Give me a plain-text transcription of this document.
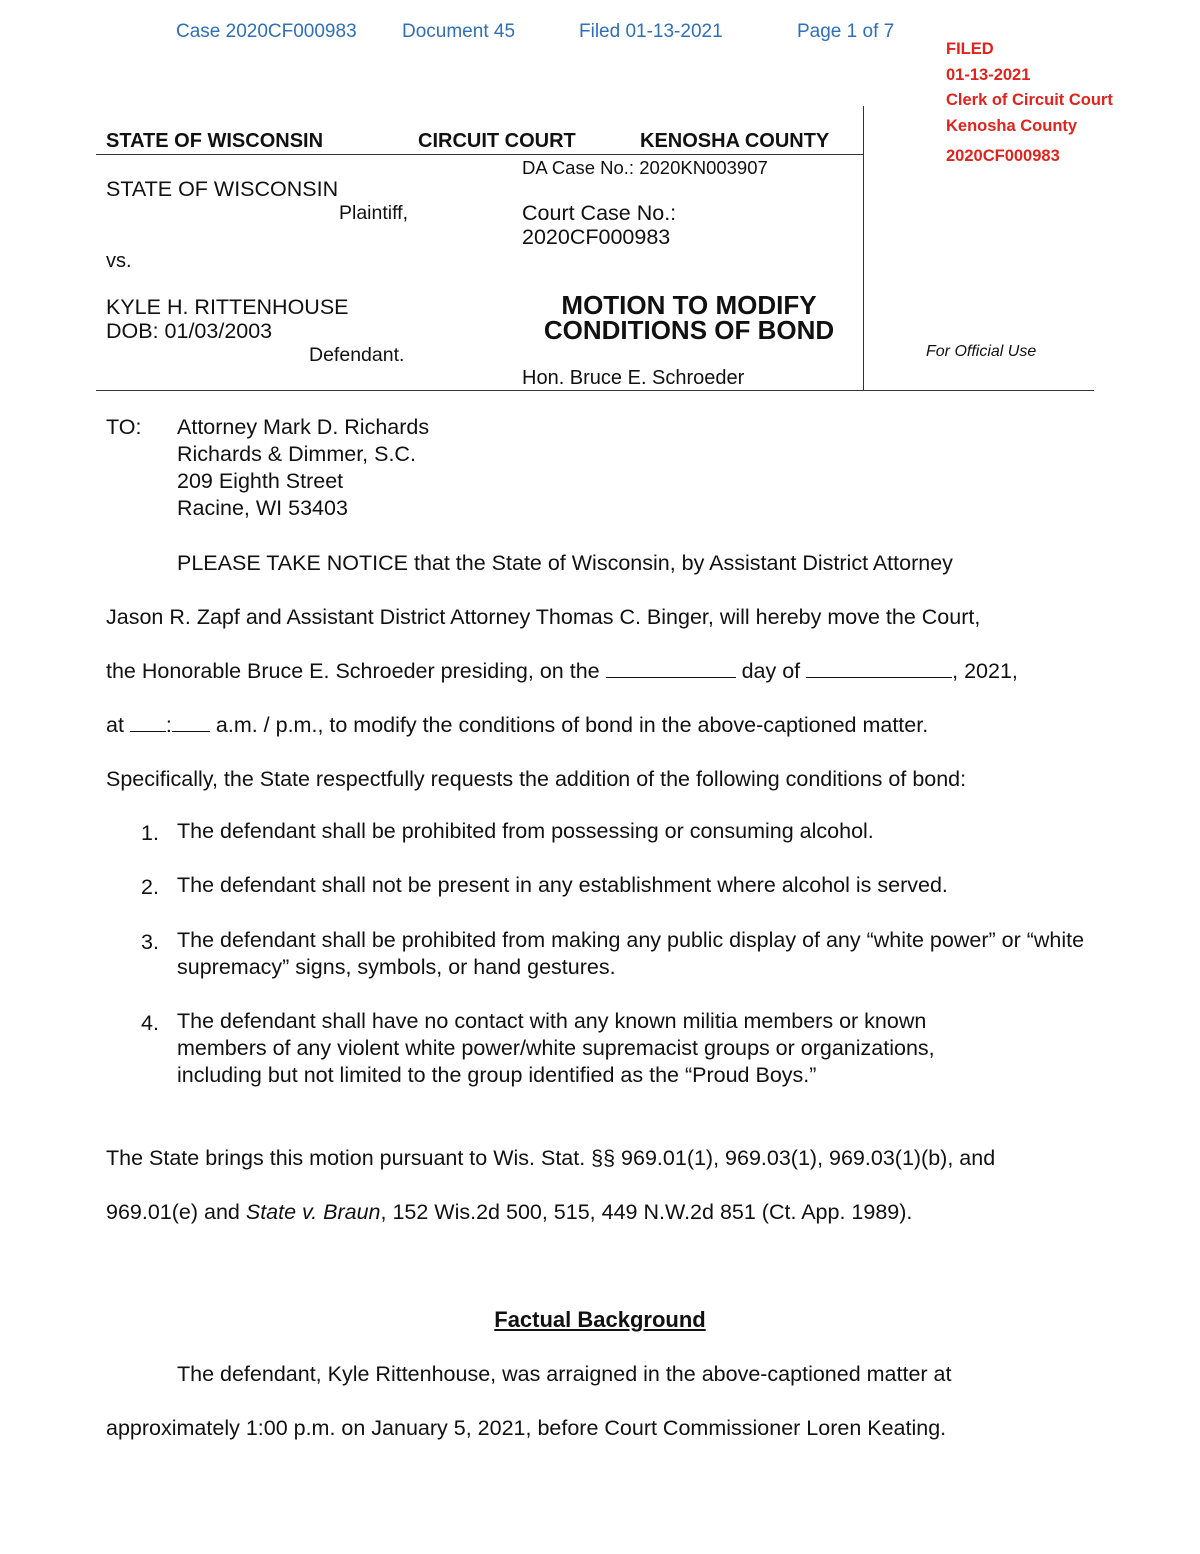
Case 2020CF000983 Document 45	Filed 01-13-2021	Page 1 of 7
FILED
01-13-2021
Clerk of Circuit Court
Kenosha County
2020CF000983
STATE OF WISCONSIN	CIRCUIT COURT	KENOSHA COUNTY
DA Case No.: 2020KN003907
STATE OF WISCONSIN
Plaintiff,	Court Case No.:
2020CF000983
vs.
KYLE H. RITTENHOUSE
DOB: 01/03/2003
Defendant.
MOTION TO MODIFY
CONDITIONS OF BOND
Hon. Bruce E. Schroeder
For Official Use
TO: Attorney Mark D. Richards
Richards & Dimmer, S.C.
209 Eighth Street
Racine, WI 53403
PLEASE TAKE NOTICE that the State of Wisconsin, by Assistant District Attorney
Jason R. Zapf and Assistant District Attorney Thomas C. Binger, will hereby move the Court,
the Honorable Bruce E. Schroeder presiding, on the	day of	, 2021,
at : a.m. / p.m., to modify the conditions of bond in the above-captioned matter.
Specifically, the State respectfully requests the addition of the following conditions of bond:
1. The defendant shall be prohibited from possessing or consuming alcohol.
2. The defendant shall not be present in any establishment where alcohol is served.
3. The defendant shall be prohibited from making any public display of any “white power” or “white supremacy” signs, symbols, or hand gestures.
4. The defendant shall have no contact with any known militia members or known members of any violent white power/white supremacist groups or organizations, including but not limited to the group identified as the “Proud Boys.”
The State brings this motion pursuant to Wis. Stat. §§ 969.01(1), 969.03(1), 969.03(1)(b), and
969.01(e) and State v. Braun, 152 Wis.2d 500, 515, 449 N.W.2d 851 (Ct. App. 1989).
Factual Background
The defendant, Kyle Rittenhouse, was arraigned in the above-captioned matter at
approximately 1:00 p.m. on January 5, 2021, before Court Commissioner Loren Keating.
